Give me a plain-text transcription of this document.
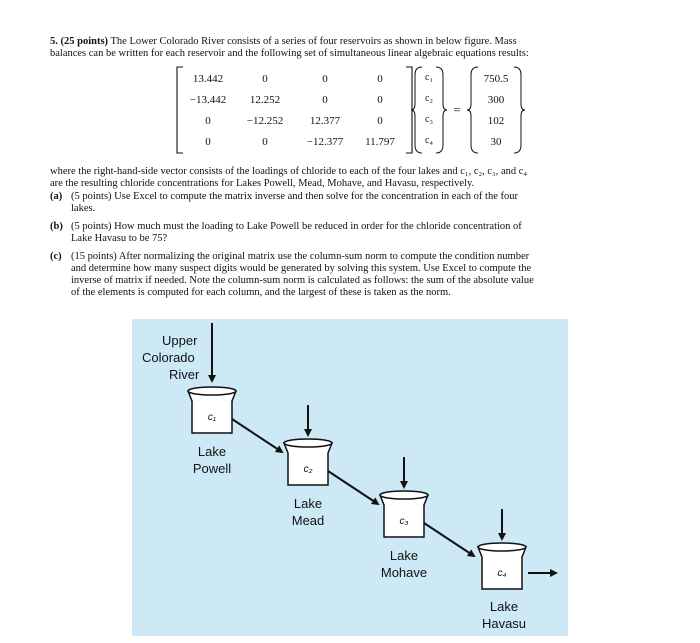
5. (25 points) The Lower Colorado River consists of a series of four reservoirs as shown in below figure. Mass
balances can be written for each reservoir and the following set of simultaneous linear algebraic equations results:
13.442	0	0	0
−13.442	12.252	0	0
0	−12.252	12.377	0
0	0	−12.377	11.797
c₁
c₂
c₃
c₄
=
750.5
300
102
30
where the right-hand-side vector consists of the loadings of chloride to each of the four lakes and c₁, c₂, c₃, and c₄
are the resulting chloride concentrations for Lakes Powell, Mead, Mohave, and Havasu, respectively.
(a) (5 points) Use Excel to compute the matrix inverse and then solve for the concentration in each of the four
lakes.
(b) (5 points) How much must the loading to Lake Powell be reduced in order for the chloride concentration of
Lake Havasu to be 75?
(c) (15 points) After normalizing the original matrix use the column-sum norm to compute the condition number
and determine how many suspect digits would be generated by solving this system. Use Excel to compute the
inverse of matrix if needed. Note the column-sum norm is calculated as follows: the sum of the absolute value
of the elements is computed for each column, and the largest of these is taken as the norm.
Upper
Colorado
River
c₁
c₂
c₃
c₄
Lake
Powell
Lake
Mead
Lake
Mohave
Lake
Havasu
